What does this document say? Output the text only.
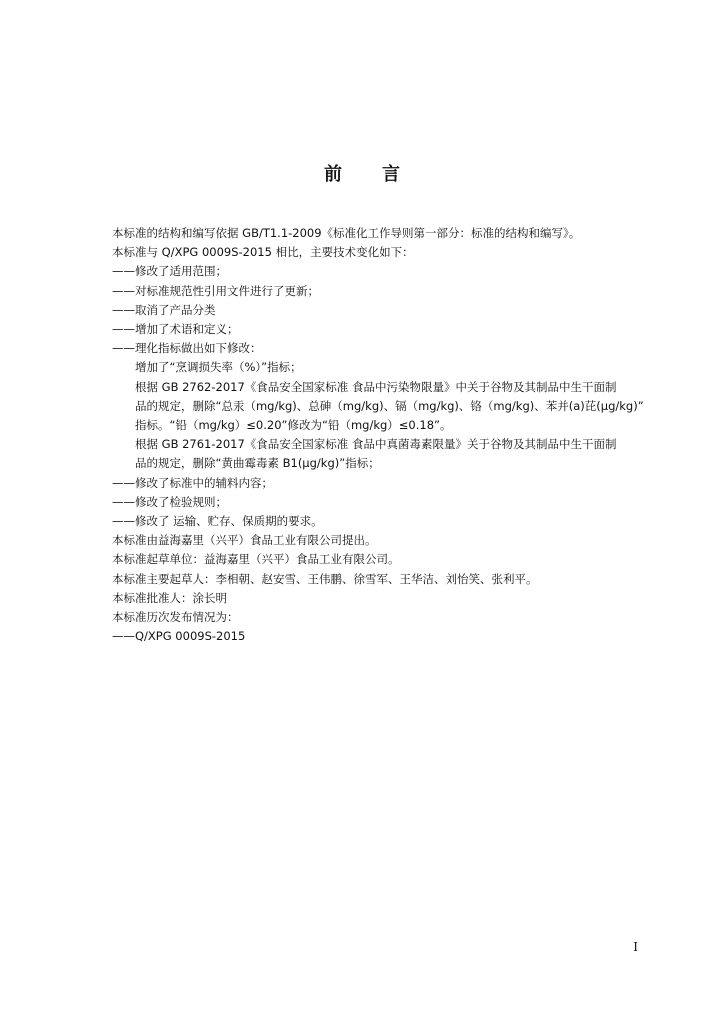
前 言
本标准的结构和编写依据 GB/T1.1-2009《标准化工作导则第一部分：标准的结构和编写》。
本标准与 Q/XPG 0009S-2015 相比，主要技术变化如下：
——修改了适用范围；
——对标准规范性引用文件进行了更新；
——取消了产品分类
——增加了术语和定义；
——理化指标做出如下修改：
增加了“烹调损失率（%）”指标；
根据 GB 2762-2017《食品安全国家标准 食品中污染物限量》中关于谷物及其制品中生干面制
品的规定，删除“总汞（mg/kg)、总砷（mg/kg)、镉（mg/kg)、铬（mg/kg)、苯并(a)芘(μg/kg)”
指标。“铅（mg/kg）≤0.20”修改为“铅（mg/kg）≤0.18”。
根据 GB 2761-2017《食品安全国家标准 食品中真菌毒素限量》关于谷物及其制品中生干面制
品的规定，删除“黄曲霉毒素 B1(μg/kg)”指标；
——修改了标准中的辅料内容；
——修改了检验规则；
——修改了 运输、贮存、保质期的要求。
本标准由益海嘉里（兴平）食品工业有限公司提出。
本标准起草单位：益海嘉里（兴平）食品工业有限公司。
本标准主要起草人：李相朝、赵安雪、王伟鹏、徐雪军、王华洁、刘怡笑、张利平。
本标准批准人：涂长明
本标准历次发布情况为：
——Q/XPG 0009S-2015
I
